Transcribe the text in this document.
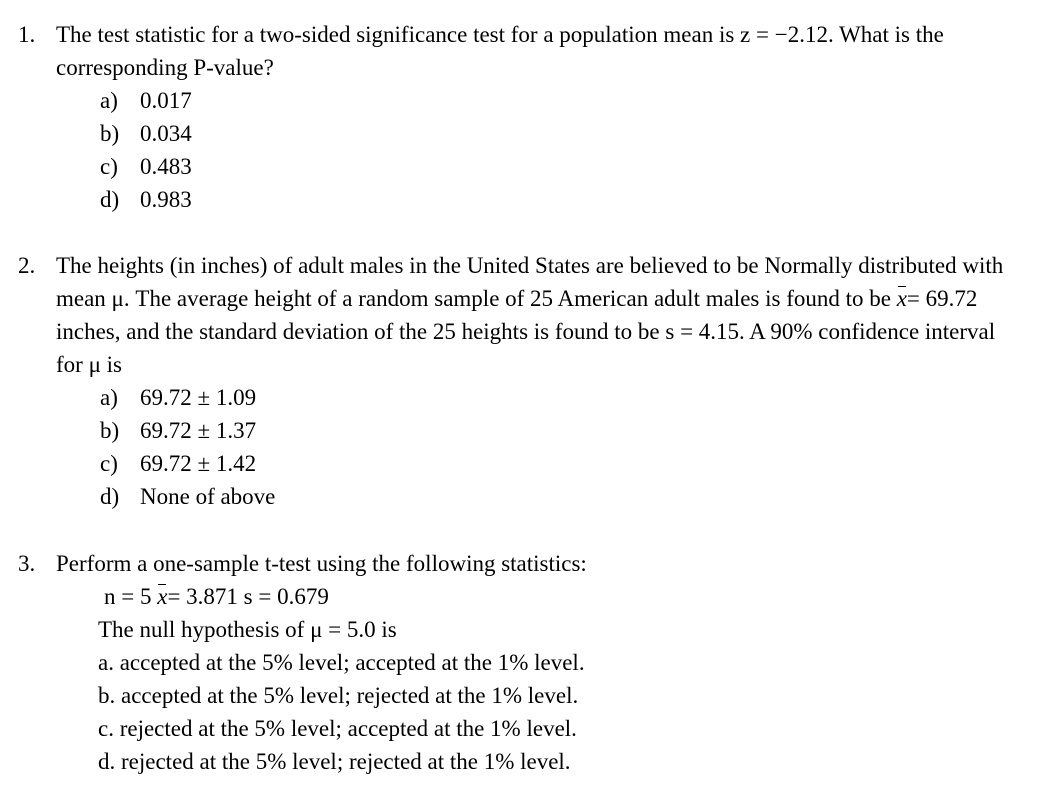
1. The test statistic for a two-sided significance test for a population mean is z = −2.12. What is the corresponding P-value?
a) 0.017
b) 0.034
c) 0.483
d) 0.983
2. The heights (in inches) of adult males in the United States are believed to be Normally distributed with mean μ. The average height of a random sample of 25 American adult males is found to be x= 69.72 inches, and the standard deviation of the 25 heights is found to be s = 4.15. A 90% confidence interval for μ is
a) 69.72 ± 1.09
b) 69.72 ± 1.37
c) 69.72 ± 1.42
d) None of above
3. Perform a one-sample t-test using the following statistics:
n = 5 x= 3.871 s = 0.679
The null hypothesis of μ = 5.0 is
a. accepted at the 5% level; accepted at the 1% level.
b. accepted at the 5% level; rejected at the 1% level.
c. rejected at the 5% level; accepted at the 1% level.
d. rejected at the 5% level; rejected at the 1% level.
